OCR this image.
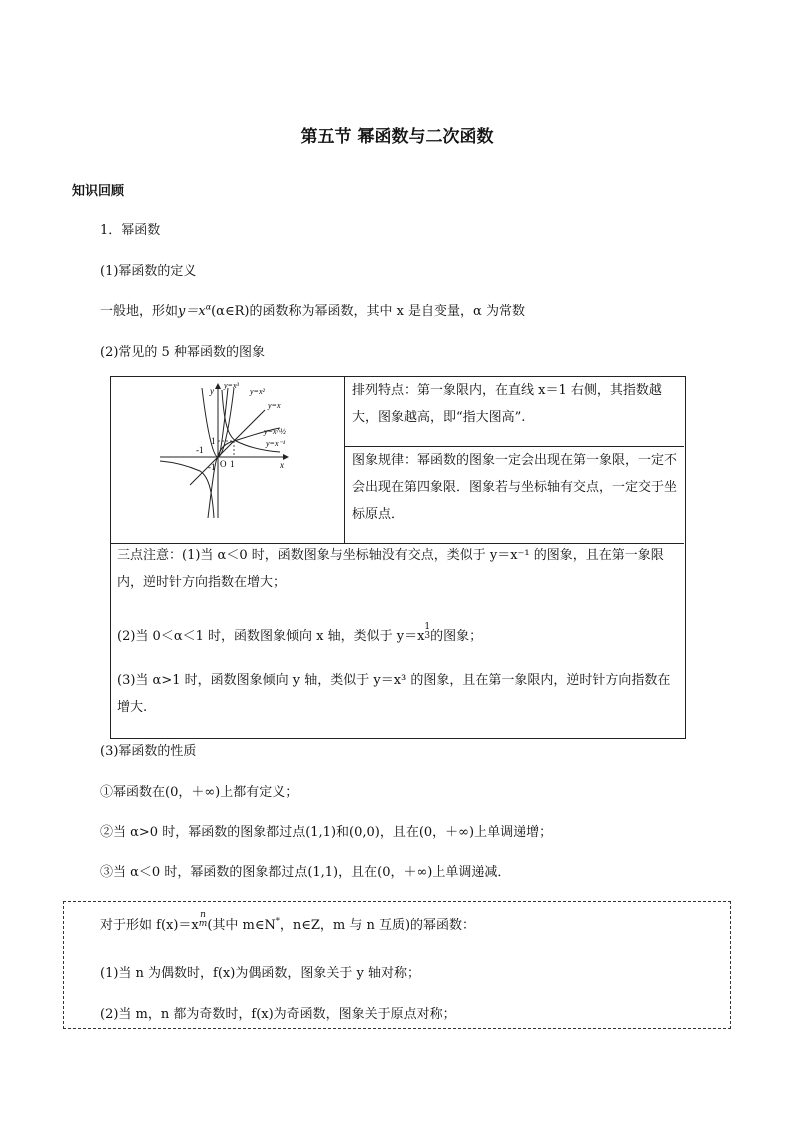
第五节 幂函数与二次函数
知识回顾
1．幂函数
(1)幂函数的定义
一般地，形如$y=x^\alpha(\alpha\in R)$的函数称为幂函数，其中 x 是自变量，α 为常数
(2)常见的 5 种幂函数的图象
y
x
O 1
-1
1
-1
y=x³
y=x²
y=x
y=x^½
y=x⁻¹
排列特点：第一象限内，在直线 x＝1 右侧，其指数越大，图象越高，即“指大图高”.
图象规律：幂函数的图象一定会出现在第一象限，一定不会出现在第四象限．图象若与坐标轴有交点，一定交于坐标原点．
三点注意：(1)当 α＜0 时，函数图象与坐标轴没有交点，类似于 y＝x⁻¹ 的图象，且在第一象限内，逆时针方向指数在增大；
(2)当 0＜α＜1 时，函数图象倾向 x 轴，类似于 y＝x1
3的图象；
(3)当 α>1 时，函数图象倾向 y 轴，类似于 y＝x³ 的图象，且在第一象限内，逆时针方向指数在增大.
(3)幂函数的性质
①幂函数在(0，＋∞)上都有定义；
②当 α>0 时，幂函数的图象都过点(1,1)和(0,0)，且在(0，＋∞)上单调递增；
③当 α＜0 时，幂函数的图象都过点(1,1)，且在(0，＋∞)上单调递减．
对于形如 f(x)＝xn
m(其中 m∈N*，n∈Z，m 与 n 互质)的幂函数：
(1)当 n 为偶数时，f(x)为偶函数，图象关于 y 轴对称；
(2)当 m，n 都为奇数时，f(x)为奇函数，图象关于原点对称；
